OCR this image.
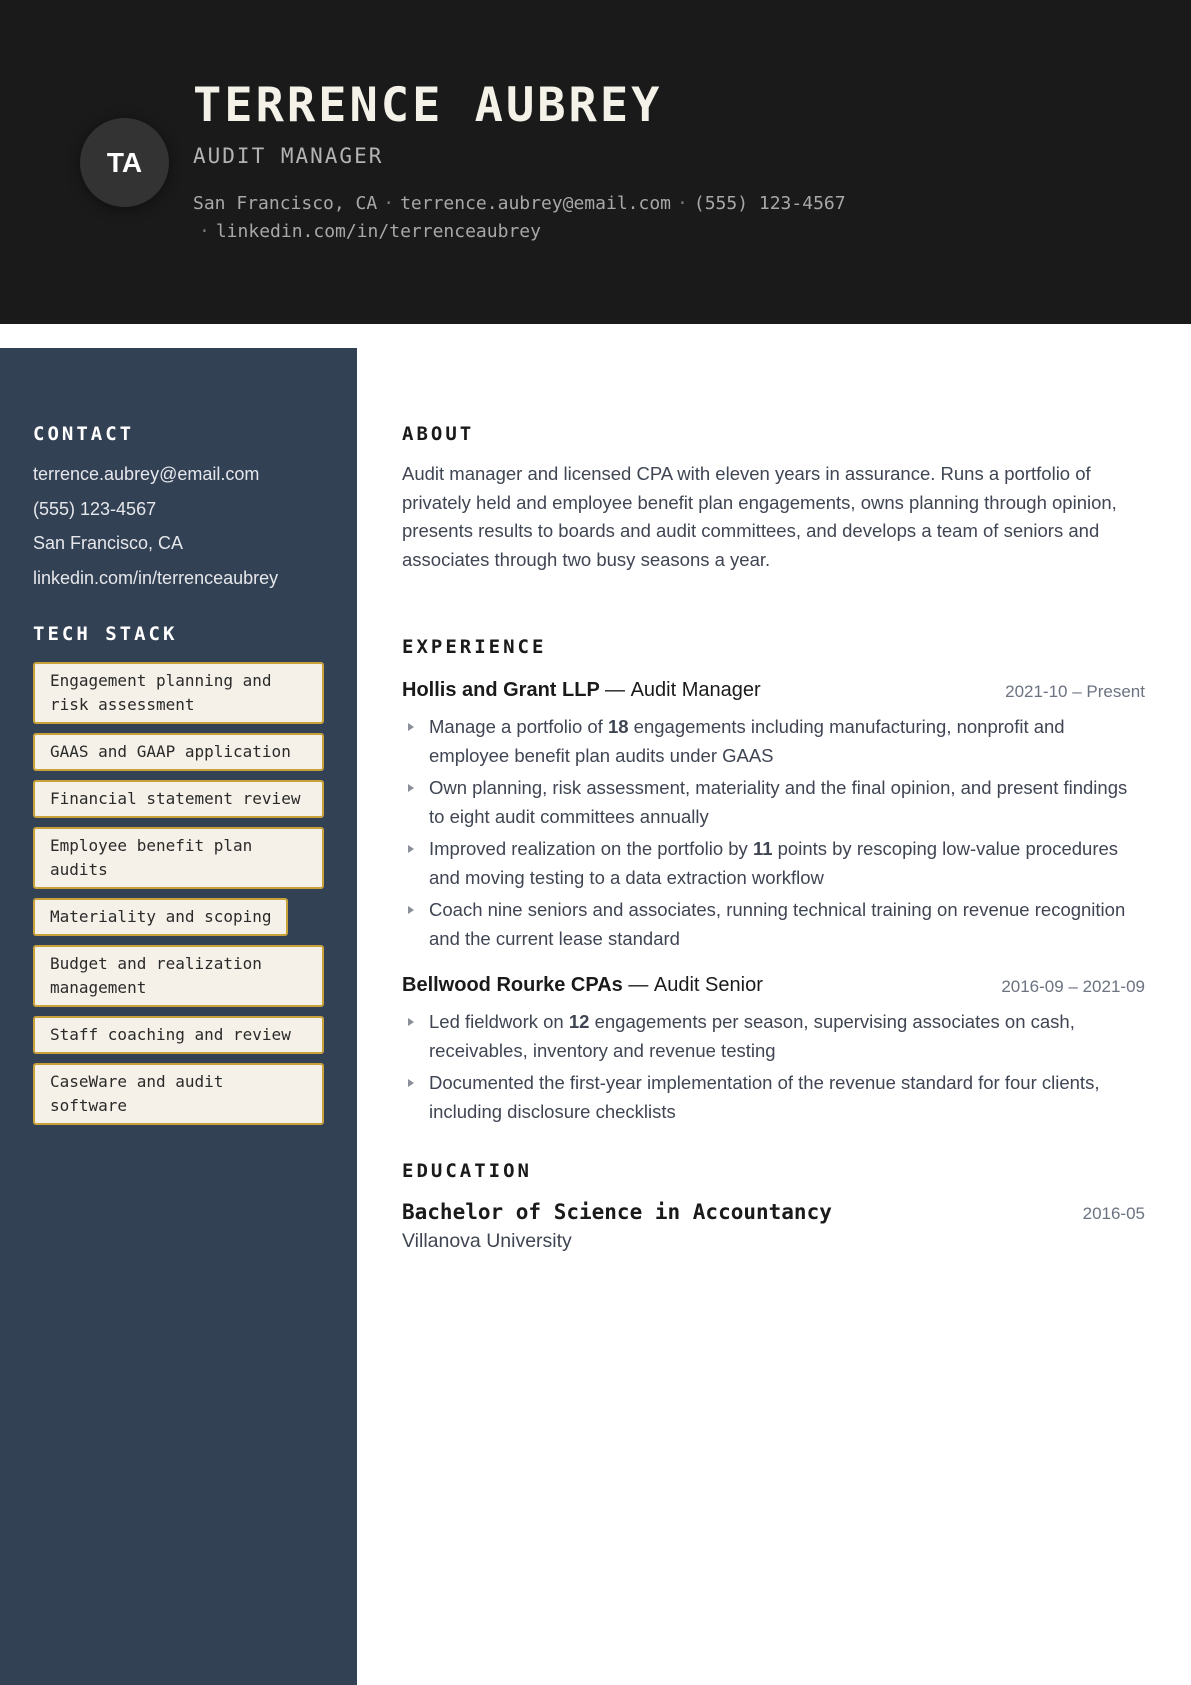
TA
TERRENCE AUBREY
AUDIT MANAGER
San Francisco, CA · terrence.aubrey@email.com · (555) 123-4567
· linkedin.com/in/terrenceaubrey
CONTACT
terrence.aubrey@email.com
(555) 123-4567
San Francisco, CA
linkedin.com/in/terrenceaubrey
TECH STACK
Engagement planning and risk assessment GAAS and GAAP application Financial statement review Employee benefit plan audits Materiality and scoping Budget and realization management Staff coaching and review CaseWare and audit software
ABOUT
Audit manager and licensed CPA with eleven years in assurance. Runs a portfolio of privately held and employee benefit plan engagements, owns planning through opinion, presents results to boards and audit committees, and develops a team of seniors and associates through two busy seasons a year.
EXPERIENCE
Hollis and Grant LLP — Audit Manager	2021-10 – Present
Manage a portfolio of 18 engagements including manufacturing, nonprofit and employee benefit plan audits under GAAS
Own planning, risk assessment, materiality and the final opinion, and present findings to eight audit committees annually
Improved realization on the portfolio by 11 points by rescoping low-value procedures and moving testing to a data extraction workflow
Coach nine seniors and associates, running technical training on revenue recognition and the current lease standard
Bellwood Rourke CPAs — Audit Senior	2016-09 – 2021-09
Led fieldwork on 12 engagements per season, supervising associates on cash, receivables, inventory and revenue testing
Documented the first-year implementation of the revenue standard for four clients, including disclosure checklists
EDUCATION
Bachelor of Science in Accountancy	2016-05
Villanova University
